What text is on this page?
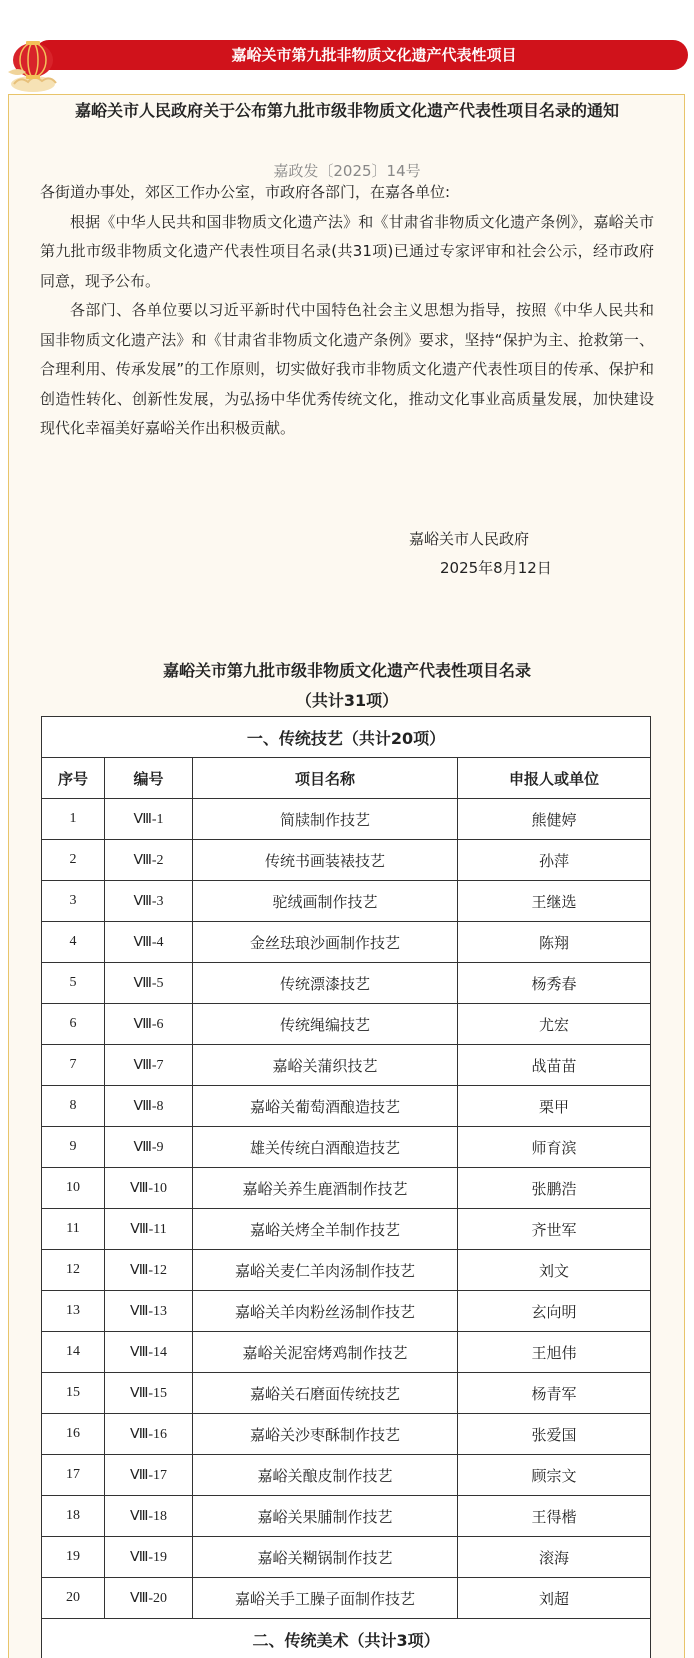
嘉峪关市第九批非物质文化遗产代表性项目
嘉峪关市人民政府关于公布第九批市级非物质文化遗产代表性项目名录的通知
嘉政发〔2025〕14号

各街道办事处，郊区工作办公室，市政府各部门，在嘉各单位:

根据《中华人民共和国非物质文化遗产法》和《甘肃省非物质文化遗产条例》，嘉峪关市第九批市级非物质文化遗产代表性项目名录(共31项)已通过专家评审和社会公示，经市政府同意，现予公布。

各部门、各单位要以习近平新时代中国特色社会主义思想为指导，按照《中华人民共和国非物质文化遗产法》和《甘肃省非物质文化遗产条例》要求，坚持“保护为主、抢救第一、合理利用、传承发展”的工作原则，切实做好我市非物质文化遗产代表性项目的传承、保护和创造性转化、创新性发展，为弘扬中华优秀传统文化，推动文化事业高质量发展，加快建设现代化幸福美好嘉峪关作出积极贡献。

嘉峪关市人民政府
2025年8月12日
嘉峪关市第九批市级非物质文化遗产代表性项目名录
（共计31项）
一、传统技艺（共计20项）			
序号	编号	项目名称	申报人或单位
1	Ⅷ-1	简牍制作技艺	熊健婷
2	Ⅷ-2	传统书画装裱技艺	孙萍
3	Ⅷ-3	驼绒画制作技艺	王继选
4	Ⅷ-4	金丝珐琅沙画制作技艺	陈翔
5	Ⅷ-5	传统漂漆技艺	杨秀春
6	Ⅷ-6	传统绳编技艺	尤宏
7	Ⅷ-7	嘉峪关蒲织技艺	战苗苗
8	Ⅷ-8	嘉峪关葡萄酒酿造技艺	栗甲
9	Ⅷ-9	雄关传统白酒酿造技艺	师育滨
10	Ⅷ-10	嘉峪关养生鹿酒制作技艺	张鹏浩
11	Ⅷ-11	嘉峪关烤全羊制作技艺	齐世军
12	Ⅷ-12	嘉峪关麦仁羊肉汤制作技艺	刘文
13	Ⅷ-13	嘉峪关羊肉粉丝汤制作技艺	玄向明
14	Ⅷ-14	嘉峪关泥窑烤鸡制作技艺	王旭伟
15	Ⅷ-15	嘉峪关石磨面传统技艺	杨青军
16	Ⅷ-16	嘉峪关沙枣酥制作技艺	张爱国
17	Ⅷ-17	嘉峪关酿皮制作技艺	顾宗文
18	Ⅷ-18	嘉峪关果脯制作技艺	王得楷
19	Ⅷ-19	嘉峪关糊锅制作技艺	滚海
20	Ⅷ-20	嘉峪关手工臊子面制作技艺	刘超
二、传统美术（共计3项）			
